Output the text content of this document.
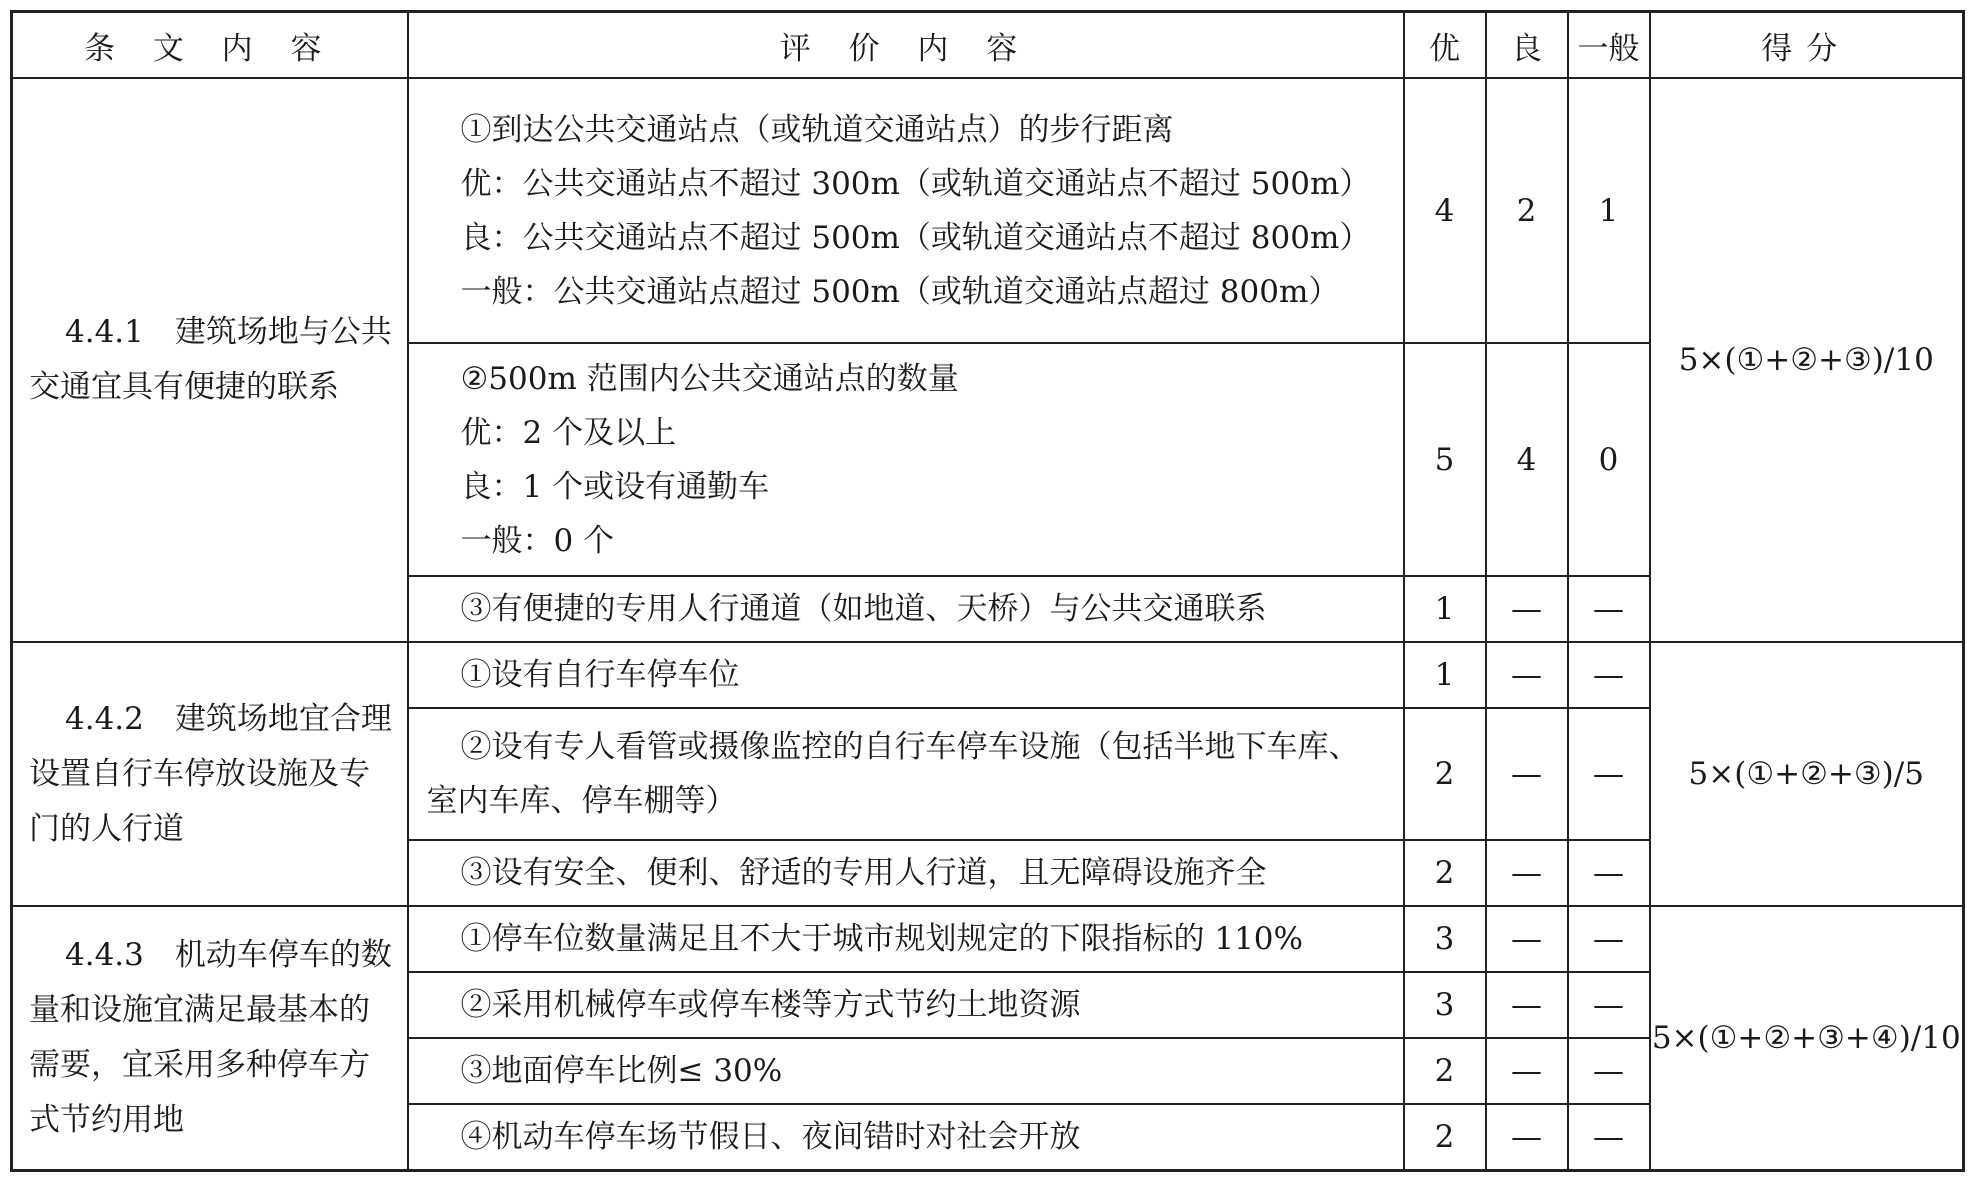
条 文 内 容	评 价 内 容	优	良	一般	得分

4.4.1　建筑场地与公共交通宜具有便捷的联系	①到达公共交通站点（或轨道交通站点）的步行距离
优：公共交通站点不超过 300m（或轨道交通站点不超过 500m）
良：公共交通站点不超过 500m（或轨道交通站点不超过 800m）
一般：公共交通站点超过 500m（或轨道交通站点超过 800m）	4	2	1	5×(①+②+③)/10

	②500m 范围内公共交通站点的数量
优：2 个及以上
良：1 个或设有通勤车
一般：0 个	5	4	0	

	③有便捷的专用人行通道（如地道、天桥）与公共交通联系	1	—	—	

4.4.2　建筑场地宜合理设置自行车停放设施及专门的人行道	①设有自行车停车位	1	—	—	5×(①+②+③)/5

	②设有专人看管或摄像监控的自行车停车设施（包括半地下车库、室内车库、停车棚等）	2	—	—	

	③设有安全、便利、舒适的专用人行道，且无障碍设施齐全	2	—	—	

4.4.3　机动车停车的数量和设施宜满足最基本的需要，宜采用多种停车方式节约用地	①停车位数量满足且不大于城市规划规定的下限指标的 110%	3	—	—	5×(①+②+③+④)/10

	②采用机械停车或停车楼等方式节约土地资源	3	—	—	

	③地面停车比例≤ 30%	2	—	—	

	④机动车停车场节假日、夜间错时对社会开放	2	—	—	
